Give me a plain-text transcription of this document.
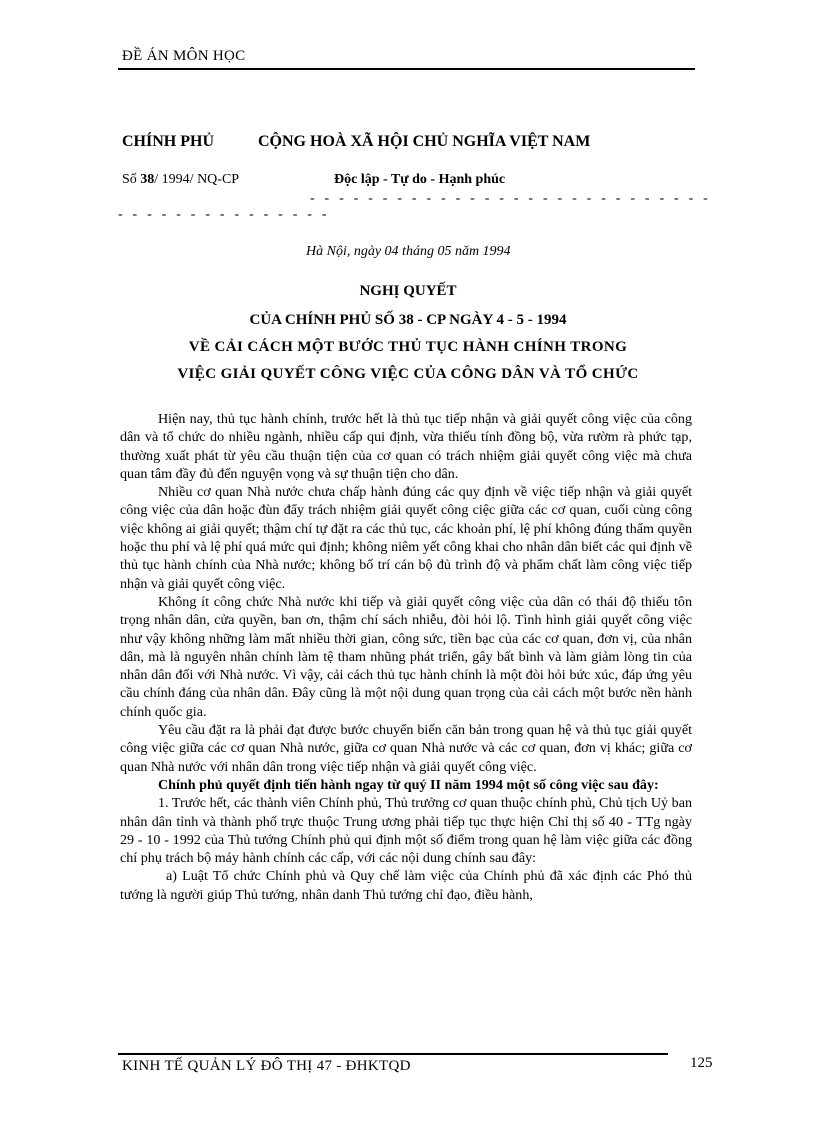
ĐỀ ÁN MÔN HỌC
CHÍNH PHỦ	CỘNG HOÀ XÃ HỘI CHỦ NGHĨA VIỆT NAM
Số 38/ 1994/ NQ-CP	Độc lập - Tự do - Hạnh phúc
- - - - - - - - - - - - - - - - - - - - - - - - - - - -
- - - - - - - - - - - - - - -
Hà Nội, ngày 04 tháng 05 năm 1994
NGHỊ QUYẾT
CỦA CHÍNH PHỦ SỐ 38 - CP NGÀY 4 - 5 - 1994
VỀ CẢI CÁCH MỘT BƯỚC THỦ TỤC HÀNH CHÍNH TRONG
VIỆC GIẢI QUYẾT CÔNG VIỆC CỦA CÔNG DÂN VÀ TỔ CHỨC

Hiện nay, thủ tục hành chính, trước hết là thủ tục tiếp nhận và giải quyết công việc của công dân và tổ chức do nhiều ngành, nhiều cấp qui định, vừa thiếu tính đồng bộ, vừa rườm rà phức tạp, thường xuất phát từ yêu cầu thuận tiện của cơ quan có trách nhiệm giải quyết công việc mà chưa quan tâm đầy đủ đến nguyện vọng và sự thuận tiện cho dân.

Nhiều cơ quan Nhà nước chưa chấp hành đúng các quy định về việc tiếp nhận và giải quyết công việc của dân hoặc đùn đẩy trách nhiệm giải quyết công ciệc giữa các cơ quan, cuối cùng công việc không ai giải quyết; thậm chí tự đặt ra các thủ tục, các khoản phí, lệ phí không đúng thẩm quyền hoặc thu phí và lệ phí quá mức qui định; không niêm yết công khai cho nhân dân biết các qui định về thủ tục hành chính của Nhà nước; không bố trí cán bộ đủ trình độ và phẩm chất làm công việc tiếp nhận và giải quyết công việc.

Không ít công chức Nhà nước khi tiếp và giải quyết công việc của dân có thái độ thiếu tôn trọng nhân dân, cửa quyền, ban ơn, thậm chí sách nhiễu, đòi hỏi lộ. Tình hình giải quyết công việc như vậy không những làm mất nhiều thời gian, công sức, tiền bạc của các cơ quan, đơn vị, của nhân dân, mà là nguyên nhân chính làm tệ tham nhũng phát triển, gây bất bình và làm giảm lòng tin của nhân dân đối với Nhà nước. Vì vậy, cải cách thủ tục hành chính là một đòi hỏi bức xúc, đáp ứng yêu cầu chính đáng của nhân dân. Đây cũng là một nội dung quan trọng của cải cách một bước nền hành chính quốc gia.

Yêu cầu đặt ra là phải đạt được bước chuyển biến căn bản trong quan hệ và thủ tục giải quyết công việc giữa các cơ quan Nhà nước, giữa cơ quan Nhà nước và các cơ quan, đơn vị khác; giữa cơ quan Nhà nước với nhân dân trong việc tiếp nhận và giải quyết công việc.

Chính phủ quyết định tiến hành ngay từ quý II năm 1994 một số công việc sau đây:

1. Trước hết, các thành viên Chính phủ, Thủ trưởng cơ quan thuộc chính phủ, Chủ tịch Uỷ ban nhân dân tỉnh và thành phố trực thuộc Trung ương phải tiếp tục thực hiện Chỉ thị số 40 - TTg ngày 29 - 10 - 1992 của Thủ tướng Chính phủ qui định một số điểm trong quan hệ làm việc giữa các đồng chí phụ trách bộ máy hành chính các cấp, với các nội dung chính sau đây:

a) Luật Tổ chức Chính phủ và Quy chế làm việc của Chính phủ đã xác định các Phó thủ tướng là người giúp Thủ tướng, nhân danh Thủ tướng chỉ đạo, điều hành,

KINH TẾ QUẢN LÝ ĐÔ THỊ 47 - ĐHKTQD	125
